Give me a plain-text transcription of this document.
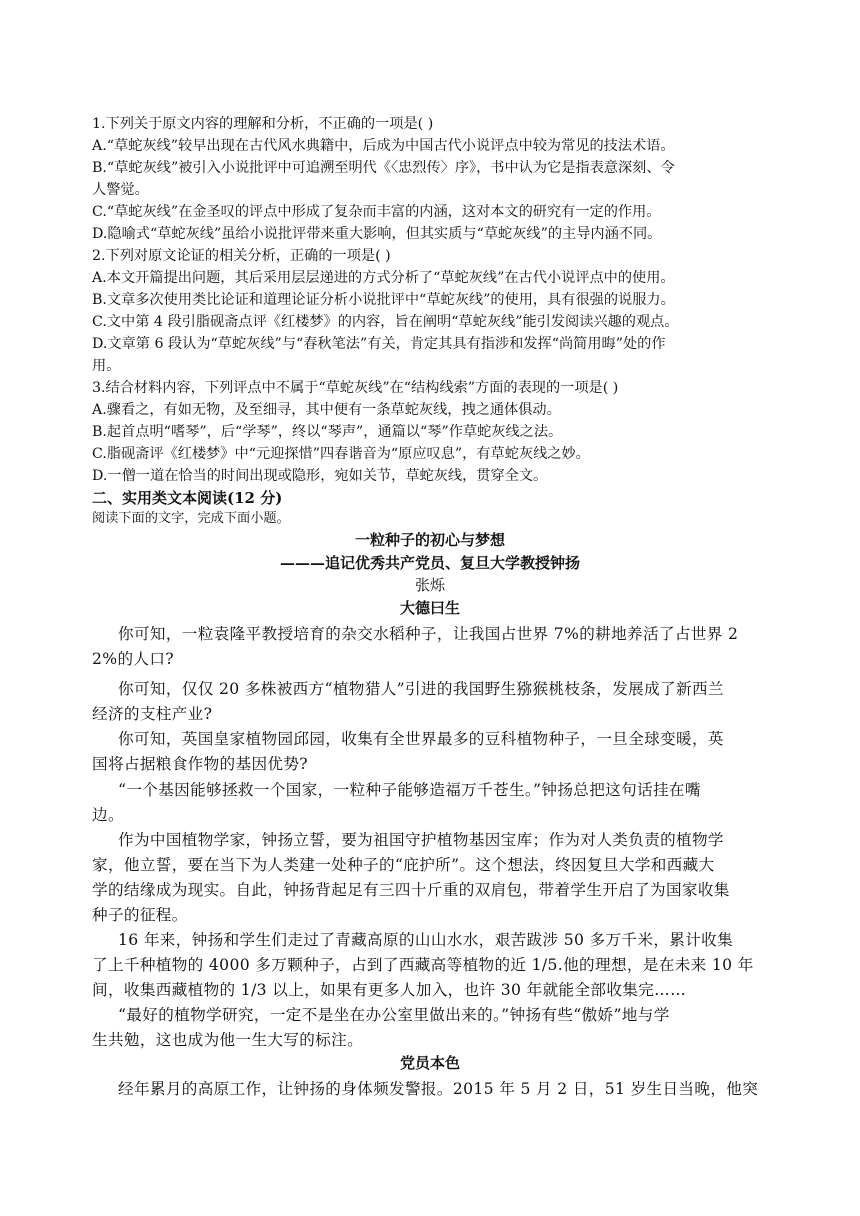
1.下列关于原文内容的理解和分析，不正确的一项是( )
A.“草蛇灰线”较早出现在古代风水典籍中，后成为中国古代小说评点中较为常见的技法术语。
B.“草蛇灰线”被引入小说批评中可追溯至明代《〈忠烈传〉序》，书中认为它是指表意深刻、令
人警觉。
C.“草蛇灰线”在金圣叹的评点中形成了复杂而丰富的内涵，这对本文的研究有一定的作用。
D.隐喻式“草蛇灰线”虽给小说批评带来重大影响，但其实质与“草蛇灰线”的主导内涵不同。
2.下列对原文论证的相关分析，正确的一项是( )
A.本文开篇提出问题，其后采用层层递进的方式分析了“草蛇灰线”在古代小说评点中的使用。
B.文章多次使用类比论证和道理论证分析小说批评中“草蛇灰线”的使用，具有很强的说服力。
C.文中第 4 段引脂砚斋点评《红楼梦》的内容，旨在阐明“草蛇灰线”能引发阅读兴趣的观点。
D.文章第 6 段认为“草蛇灰线”与“春秋笔法”有关，肯定其具有指涉和发挥“尚简用晦”处的作
用。
3.结合材料内容，下列评点中不属于“草蛇灰线”在“结构线索”方面的表现的一项是( )
A.骤看之，有如无物，及至细寻，其中便有一条草蛇灰线，拽之通体俱动。
B.起首点明“嗜琴”，后“学琴”，终以“琴声”，通篇以“琴”作草蛇灰线之法。
C.脂砚斋评《红楼梦》中“元迎探惜”四春谐音为“原应叹息”，有草蛇灰线之妙。
D.一僧一道在恰当的时间出现或隐形，宛如关节，草蛇灰线，贯穿全文。
二、实用类文本阅读(12 分)
阅读下面的文字，完成下面小题。
一粒种子的初心与梦想
———追记优秀共产党员、复旦大学教授钟扬
张烁
大德曰生
你可知，一粒袁隆平教授培育的杂交水稻种子，让我国占世界 7%的耕地养活了占世界 2
2%的人口?
你可知，仅仅 20 多株被西方“植物猎人”引进的我国野生猕猴桃枝条，发展成了新西兰
经济的支柱产业?
你可知，英国皇家植物园邱园，收集有全世界最多的豆科植物种子，一旦全球变暖，英
国将占据粮食作物的基因优势?
“一个基因能够拯救一个国家，一粒种子能够造福万千苍生。”钟扬总把这句话挂在嘴
边。
作为中国植物学家，钟扬立誓，要为祖国守护植物基因宝库；作为对人类负责的植物学
家，他立誓，要在当下为人类建一处种子的“庇护所”。这个想法，终因复旦大学和西藏大
学的结缘成为现实。自此，钟扬背起足有三四十斤重的双肩包，带着学生开启了为国家收集
种子的征程。
16 年来，钟扬和学生们走过了青藏高原的山山水水，艰苦跋涉 50 多万千米，累计收集
了上千种植物的 4000 多万颗种子，占到了西藏高等植物的近 1/5.他的理想，是在未来 10 年
间，收集西藏植物的 1/3 以上，如果有更多人加入，也许 30 年就能全部收集完……
“最好的植物学研究，一定不是坐在办公室里做出来的。”钟扬有些“傲娇”地与学
生共勉，这也成为他一生大写的标注。
党员本色
经年累月的高原工作，让钟扬的身体频发警报。2015 年 5 月 2 日，51 岁生日当晚，他突
